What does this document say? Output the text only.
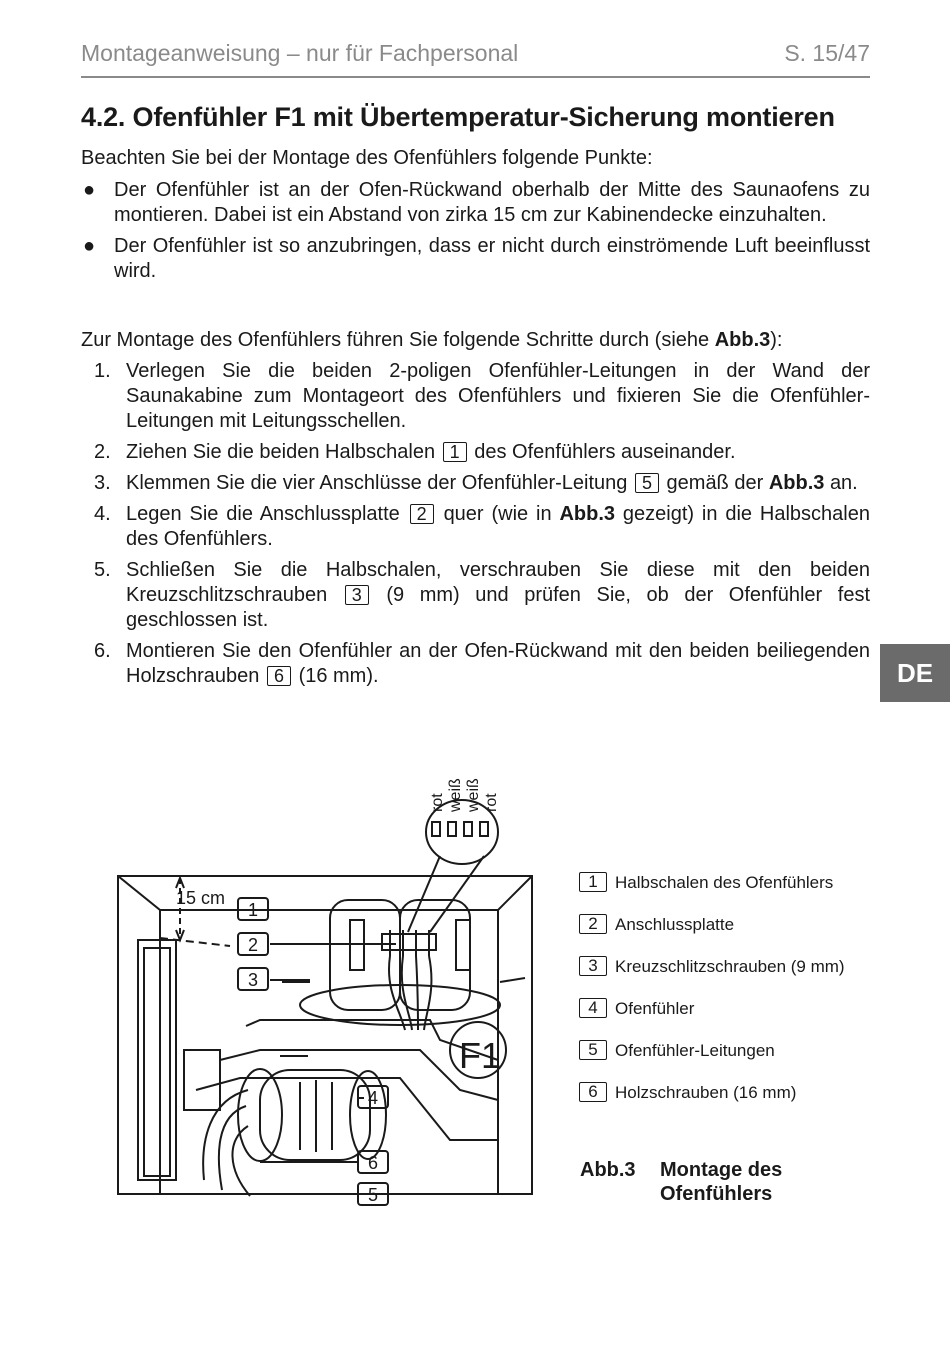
Montageanweisung – nur für Fachpersonal	S. 15/47
4.2. Ofenfühler F1 mit Übertemperatur-Sicherung montieren

Beachten Sie bei der Montage des Ofenfühlers folgende Punkte:

● Der Ofenfühler ist an der Ofen-Rückwand oberhalb der Mitte des Saunaofens zu montieren. Dabei ist ein Abstand von zirka 15 cm zur Kabinendecke einzuhalten.
● Der Ofenfühler ist so anzubringen, dass er nicht durch einströmende Luft beeinflusst wird.

Zur Montage des Ofenfühlers führen Sie folgende Schritte durch (siehe Abb.3):

1. Verlegen Sie die beiden 2-poligen Ofenfühler-Leitungen in der Wand der Saunakabine zum Montageort des Ofenfühlers und fixieren Sie die Ofenfühler-Leitungen mit Leitungsschellen.
2. Ziehen Sie die beiden Halbschalen 1 des Ofenfühlers auseinander.
3. Klemmen Sie die vier Anschlüsse der Ofenfühler-Leitung 5 gemäß der Abb.3 an.
4. Legen Sie die Anschlussplatte 2 quer (wie in Abb.3 gezeigt) in die Halbschalen des Ofenfühlers.
5. Schließen Sie die Halbschalen, verschrauben Sie diese mit den beiden Kreuzschlitzschrauben 3 (9 mm) und prüfen Sie, ob der Ofenfühler fest geschlossen ist.
6. Montieren Sie den Ofenfühler an der Ofen-Rückwand mit den beiden beiliegenden Holzschrauben 6 (16 mm).	DE
15 cm
F1
rot weiß weiß rot
1
2
3
4
6
5
1	Halbschalen des Ofenfühlers
2	Anschlussplatte
3	Kreuzschlitzschrauben (9 mm)
4	Ofenfühler
5	Ofenfühler-Leitungen
6	Holzschrauben (16 mm)
Abb.3 Montage des Ofenfühlers
